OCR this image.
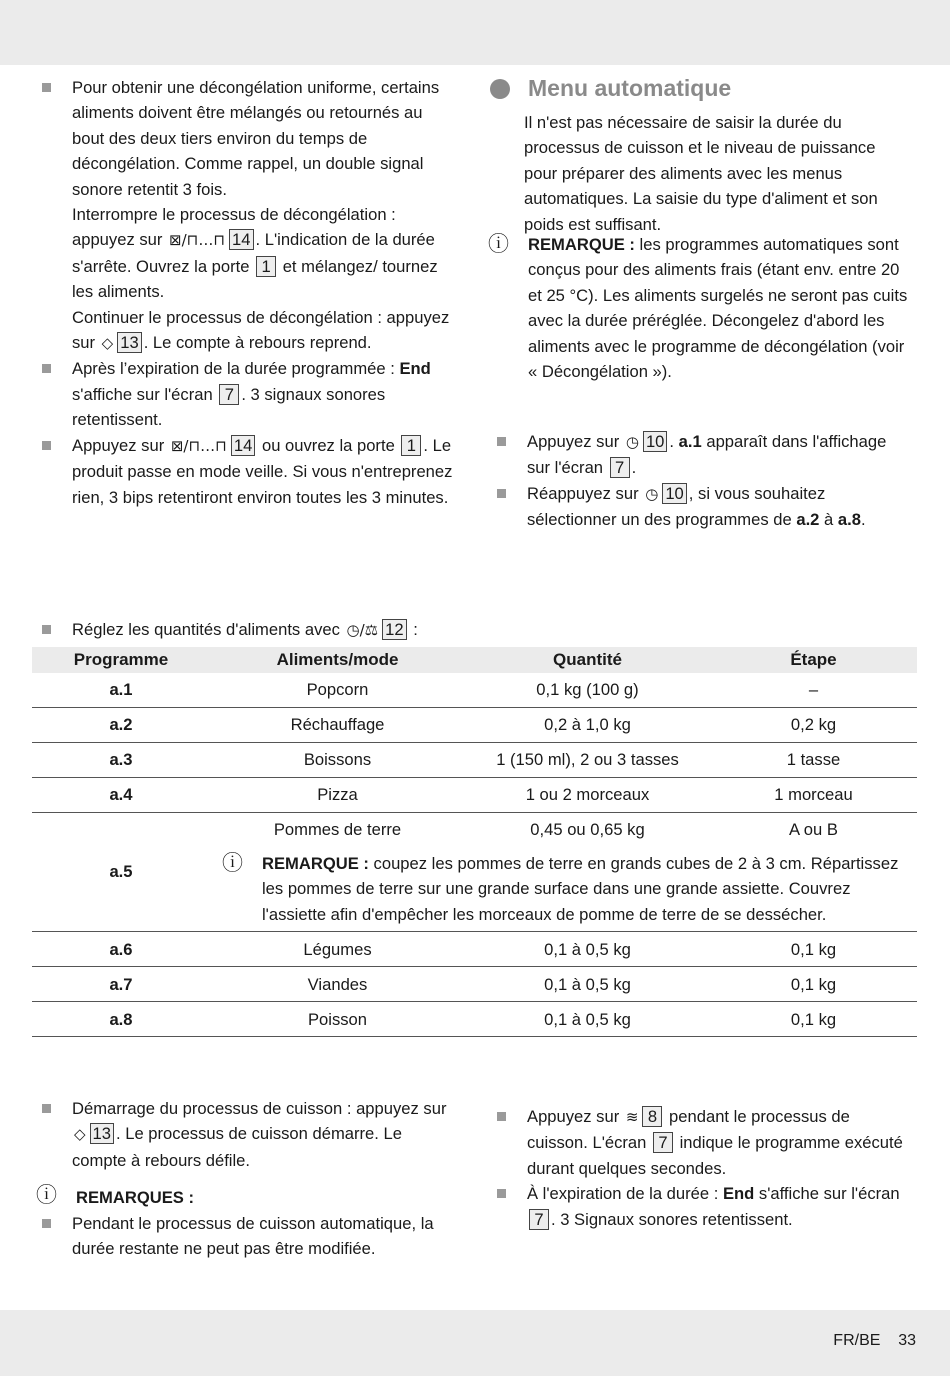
Pour obtenir une décongélation uniforme, certains aliments doivent être mélangés ou retournés au bout des deux tiers environ du temps de décongélation. Comme rappel, un double signal sonore retentit 3 fois.
Interrompre le processus de décongélation : appuyez sur ⊠/⊓…⊓ 14 . L'indication de la durée s'arrête. Ouvrez la porte 1 et mélangez/ tournez les aliments.
Continuer le processus de décongélation : appuyez sur ◇ 13 . Le compte à rebours reprend.
Après l’expiration de la durée programmée : End s'affiche sur l'écran 7 . 3 signaux sonores retentissent.
Appuyez sur ⊠/⊓…⊓ 14 ou ouvrez la porte 1 . Le produit passe en mode veille. Si vous n'entreprenez rien, 3 bips retentiront environ toutes les 3 minutes.
Menu automatique
Il n'est pas nécessaire de saisir la durée du processus de cuisson et le niveau de puissance pour préparer des aliments avec les menus automatiques. La saisie du type d'aliment et son poids est suffisant.
ⓘ REMARQUE : les programmes automatiques sont conçus pour des aliments frais (étant env. entre 20 et 25 °C). Les aliments surgelés ne seront pas cuits avec la durée préréglée. Décongelez d'abord les aliments avec le programme de décongélation (voir « Décongélation »).
Appuyez sur ◷ 10 . a.1 apparaît dans l'affichage sur l'écran 7 .
Réappuyez sur ◷ 10 , si vous souhaitez sélectionner un des programmes de a.2 à a.8.
Réglez les quantités d'aliments avec ◷/⚖ 12 :
Programme	Aliments/mode	Quantité	Étape
a.1	Popcorn	0,1 kg (100 g)	–
a.2	Réchauffage	0,2 à 1,0 kg	0,2 kg
a.3	Boissons	1 (150 ml), 2 ou 3 tasses	1 tasse
a.4	Pizza	1 ou 2 morceaux	1 morceau
a.5	Pommes de terre	0,45 ou 0,65 kg	A ou B

	ⓘ REMARQUE : coupez les pommes de terre en grands cubes de 2 à 3 cm. Répartissez les pommes de terre sur une grande surface dans une grande assiette. Couvrez l'assiette afin d'empêcher les morceaux de pomme de terre de se dessécher.		

a.6	Légumes	0,1 à 0,5 kg	0,1 kg
a.7	Viandes	0,1 à 0,5 kg	0,1 kg
a.8	Poisson	0,1 à 0,5 kg	0,1 kg
Démarrage du processus de cuisson : appuyez sur ◇ 13 . Le processus de cuisson démarre. Le compte à rebours défile.
ⓘ REMARQUES :
Pendant le processus de cuisson automatique, la durée restante ne peut pas être modifiée.
Appuyez sur ≋ 8 pendant le processus de cuisson. L'écran 7 indique le programme exécuté durant quelques secondes.
À l'expiration de la durée : End s'affiche sur l'écran 7 . 3 Signaux sonores retentissent.
FR/BE 33
